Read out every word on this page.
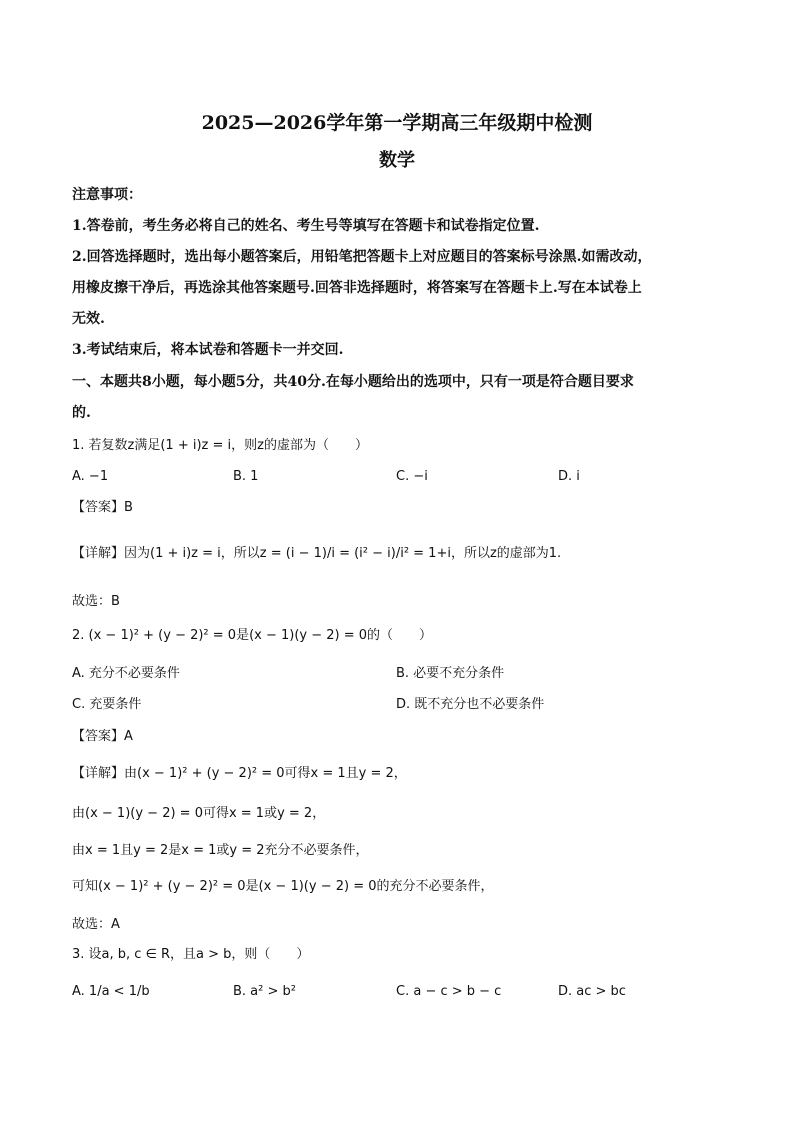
2025—2026学年第一学期高三年级期中检测
数学
注意事项：
1.答卷前，考生务必将自己的姓名、考生号等填写在答题卡和试卷指定位置.
2.回答选择题时，选出每小题答案后，用铅笔把答题卡上对应题目的答案标号涂黑.如需改动，
用橡皮擦干净后，再选涂其他答案题号.回答非选择题时，将答案写在答题卡上.写在本试卷上
无效.
3.考试结束后，将本试卷和答题卡一并交回.
一、本题共8小题，每小题5分，共40分.在每小题给出的选项中，只有一项是符合题目要求
的.
1. 若复数z满足(1 + i)z = i，则z的虚部为（　　）
A. −1	B. 1	C. −i	D. i
【答案】B
【详解】因为(1 + i)z = i，所以z = (i − 1)/i = (i² − i)/i² = 1+i，所以z的虚部为1.
故选：B
2. (x − 1)² + (y − 2)² = 0是(x − 1)(y − 2) = 0的（　　）
A. 充分不必要条件	B. 必要不充分条件
C. 充要条件	D. 既不充分也不必要条件
【答案】A
【详解】由(x − 1)² + (y − 2)² = 0可得x = 1且y = 2，
由(x − 1)(y − 2) = 0可得x = 1或y = 2，
由x = 1且y = 2是x = 1或y = 2充分不必要条件，
可知(x − 1)² + (y − 2)² = 0是(x − 1)(y − 2) = 0的充分不必要条件，
故选：A
3. 设a, b, c ∈ R，且a > b，则（　　）
A. 1/a < 1/b	B. a² > b²	C. a − c > b − c	D. ac > bc
